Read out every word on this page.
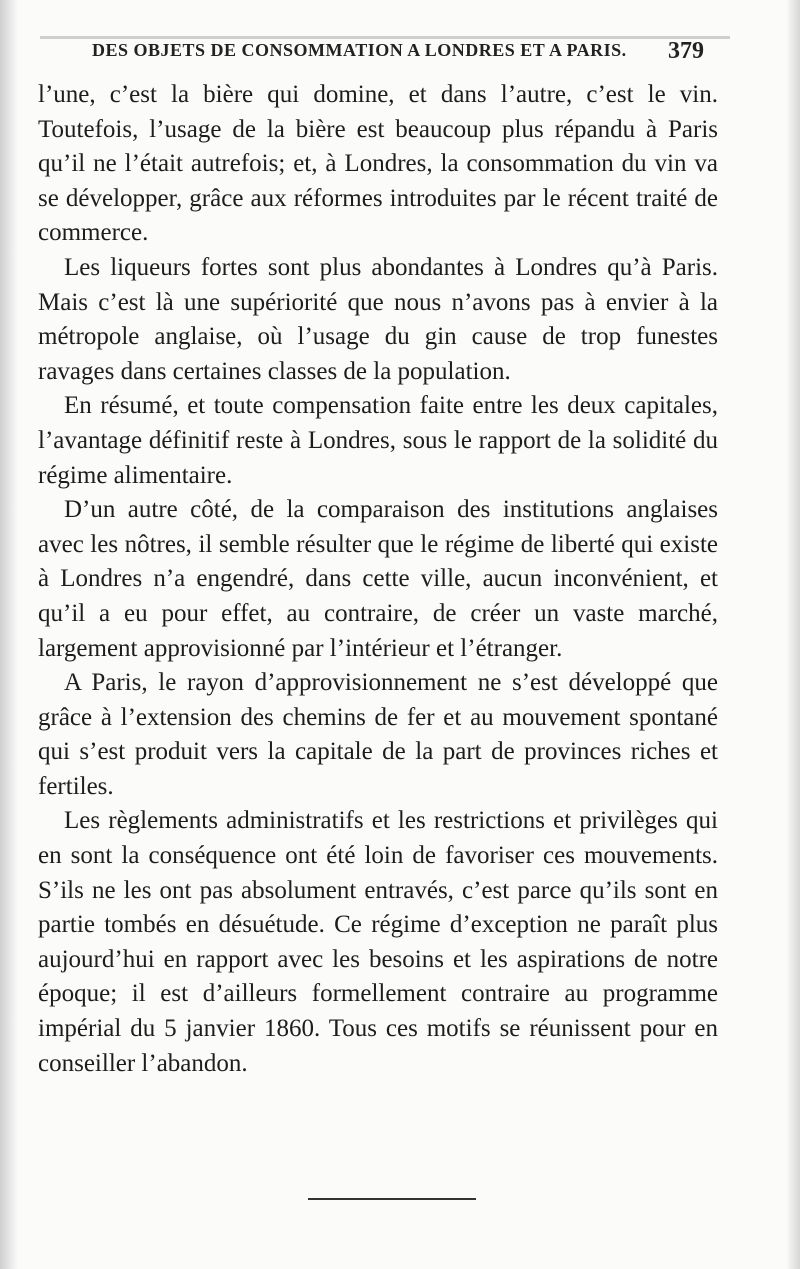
DES OBJETS DE CONSOMMATION A LONDRES ET A PARIS. 379

l’une, c’est la bière qui domine, et dans l’autre, c’est le vin. Toutefois, l’usage de la bière est beaucoup plus répandu à Paris qu’il ne l’était autrefois; et, à Londres, la consommation du vin va se développer, grâce aux réformes introduites par le récent traité de commerce.

Les liqueurs fortes sont plus abondantes à Londres qu’à Paris. Mais c’est là une supériorité que nous n’avons pas à envier à la métropole anglaise, où l’usage du gin cause de trop funestes ravages dans certaines classes de la population.

En résumé, et toute compensation faite entre les deux capitales, l’avantage définitif reste à Londres, sous le rapport de la solidité du régime alimentaire.

D’un autre côté, de la comparaison des institutions anglaises avec les nôtres, il semble résulter que le régime de liberté qui existe à Londres n’a engendré, dans cette ville, aucun inconvénient, et qu’il a eu pour effet, au contraire, de créer un vaste marché, largement approvisionné par l’intérieur et l’étranger.

A Paris, le rayon d’approvisionnement ne s’est développé que grâce à l’extension des chemins de fer et au mouvement spontané qui s’est produit vers la capitale de la part de provinces riches et fertiles.

Les règlements administratifs et les restrictions et privilèges qui en sont la conséquence ont été loin de favoriser ces mouvements. S’ils ne les ont pas absolument entravés, c’est parce qu’ils sont en partie tombés en désuétude. Ce régime d’exception ne paraît plus aujourd’hui en rapport avec les besoins et les aspirations de notre époque; il est d’ailleurs formellement contraire au programme impérial du 5 janvier 1860. Tous ces motifs se réunissent pour en conseiller l’abandon.
